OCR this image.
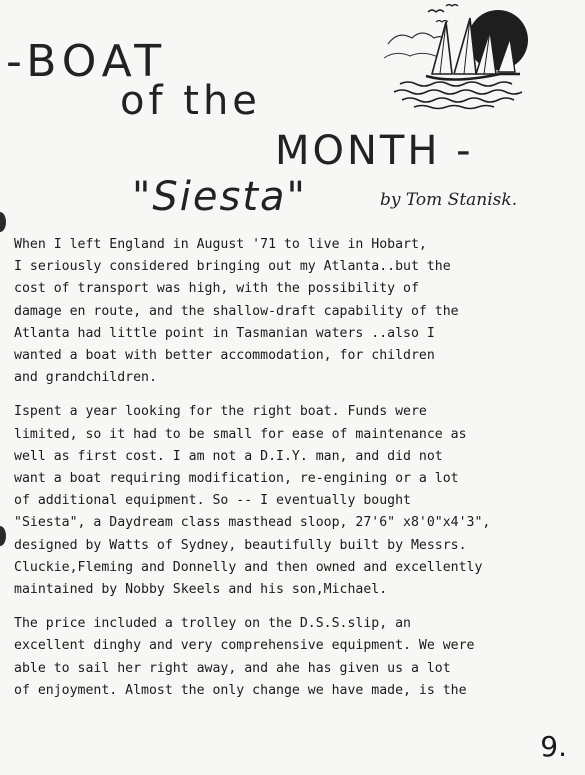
-BOAT
of the
MONTH -
"Siesta"	by Tom Stanisk.

When I left England in August '71 to live in Hobart,
I seriously considered bringing out my Atlanta..but the
cost of transport was high, with the possibility of
damage en route, and the shallow-draft capability of the
Atlanta had little point in Tasmanian waters ..also I
wanted a boat with better accommodation, for children
and grandchildren.

Ispent a year looking for the right boat. Funds were
limited, so it had to be small for ease of maintenance as
well as first cost. I am not a D.I.Y. man, and did not
want a boat requiring modification, re-engining or a lot
of additional equipment. So -- I eventually bought
"Siesta", a Daydream class masthead sloop, 27'6" x8'0"x4'3",
designed by Watts of Sydney, beautifully built by Messrs.
Cluckie,Fleming and Donnelly and then owned and excellently
maintained by Nobby Skeels and his son,Michael.

The price included a trolley on the D.S.S.slip, an
excellent dinghy and very comprehensive equipment. We were
able to sail her right away, and ahe has given us a lot
of enjoyment. Almost the only change we have made, is the

9.
